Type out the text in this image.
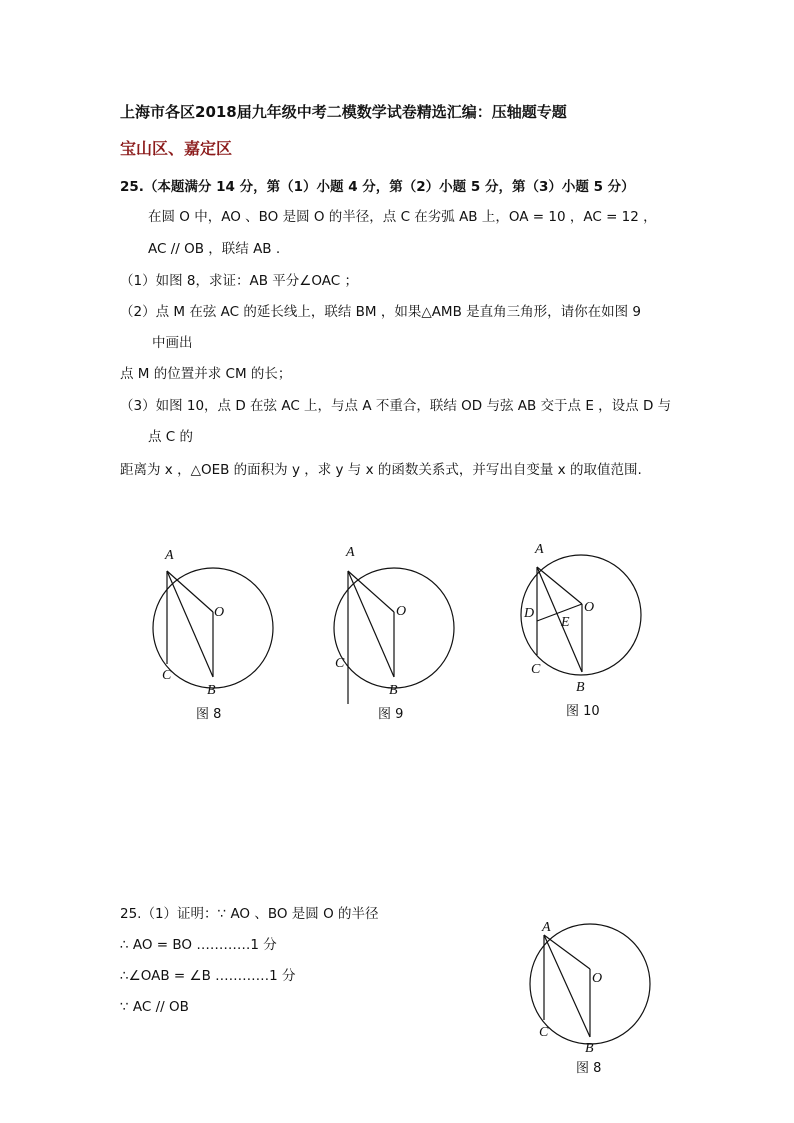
上海市各区2018届九年级中考二模数学试卷精选汇编：压轴题专题
宝山区、嘉定区
25.（本题满分 14 分，第（1）小题 4 分，第（2）小题 5 分，第（3）小题 5 分）
在圆 O 中，AO 、BO 是圆 O 的半径，点 C 在劣弧 AB 上，OA = 10 ，AC = 12 ，
AC // OB ，联结 AB .
（1）如图 8，求证：AB 平分∠OAC ；
（2）点 M 在弦 AC 的延长线上，联结 BM ，如果△AMB 是直角三角形，请你在如图 9
中画出
点 M 的位置并求 CM 的长；
（3）如图 10，点 D 在弦 AC 上，与点 A 不重合，联结 OD 与弦 AB 交于点 E ，设点 D 与
点 C 的
距离为 x ，△OEB 的面积为 y ，求 y 与 x 的函数关系式，并写出自变量 x 的取值范围.
A
O
C
B
A
O
C
B
A
O
D
E
C
B
A
O
C
B
图 8	图 9	图 10
图 8
25.（1）证明：∵ AO 、BO 是圆 O 的半径
∴ AO = BO …………1 分
∴∠OAB = ∠B …………1 分
∵ AC // OB
